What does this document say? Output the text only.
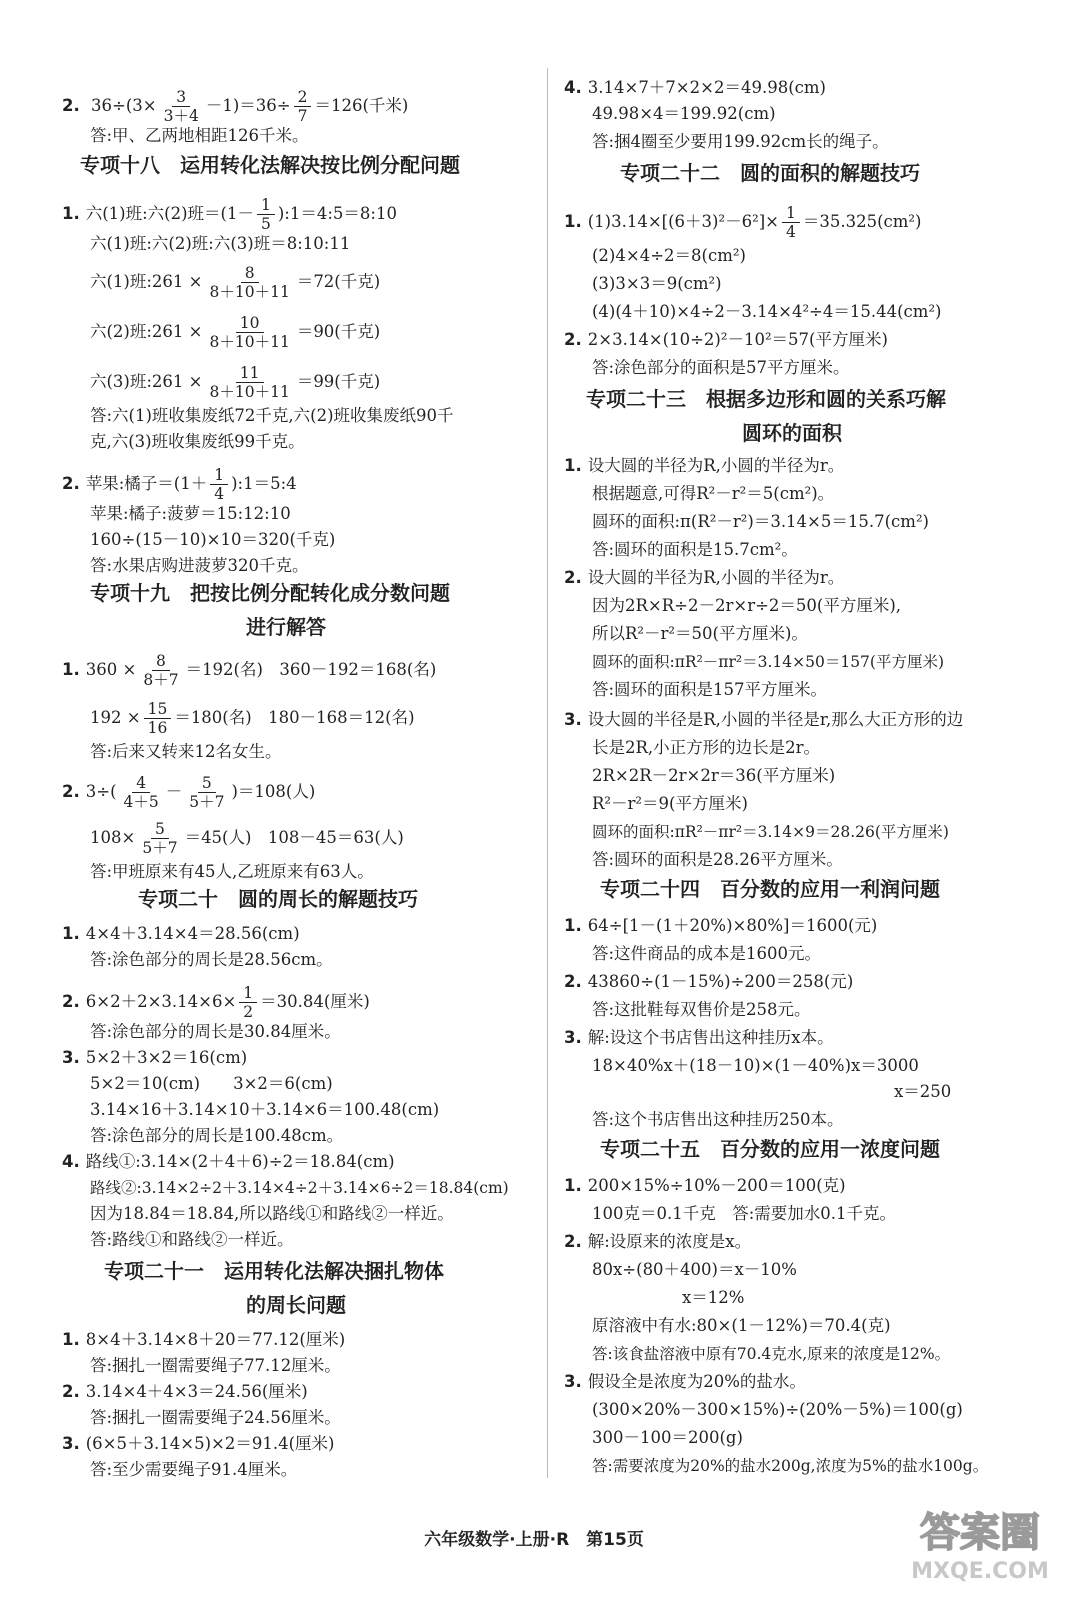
2. $36\div(3\times \frac{3}{3+4} -1)=36\div \frac{2}{7} =126$(千米)
答:甲、乙两地相距126千米。
专项十八　运用转化法解决按比例分配问题
1. 六(1)班:六(2)班$=(1- \frac{1}{5}$ ):1＝4:5＝8:10
六(1)班:六(2)班:六(3)班＝8:10:11
六(1)班:261 × $\frac{8}{8+10+11} =72$(千克)
六(2)班:261 × $\frac{10}{8+10+11} =90$(千克)
六(3)班:261 × $\frac{11}{8+10+11} =99$(千克)
答:六(1)班收集废纸72千克,六(2)班收集废纸90千
克,六(3)班收集废纸99千克。
2. 苹果:橘子$=(1+ \frac{1}{4}$ ):1＝5:4
苹果:橘子:菠萝＝15:12:10
160÷(15－10)×10＝320(千克)
答:水果店购进菠萝320千克。
专项十九　把按比例分配转化成分数问题
进行解答
1. $360 \times \frac{8}{8+7} =192$(名)　360－192＝168(名)
$192 \times \frac{15}{16} =180$(名)　180－168＝12(名)
答:后来又转来12名女生。
2. $3\div( \frac{4}{4+5} - \frac{5}{5+7} )=108$(人)
$108\times \frac{5}{5+7} =45$(人)　108－45＝63(人)
答:甲班原来有45人,乙班原来有63人。
专项二十　圆的周长的解题技巧
1. 4×4＋3.14×4＝28.56(cm)
答:涂色部分的周长是28.56cm。
2. $6\times 2+2\times 3.14\times 6\times \frac{1}{2} =30.84$(厘米)
答:涂色部分的周长是30.84厘米。
3. 5×2＋3×2＝16(cm)
5×2＝10(cm)　　3×2＝6(cm)
3.14×16＋3.14×10＋3.14×6＝100.48(cm)
答:涂色部分的周长是100.48cm。
4. 路线①:3.14×(2＋4＋6)÷2＝18.84(cm)
路线②:3.14×2÷2＋3.14×4÷2＋3.14×6÷2＝18.84(cm)
因为18.84＝18.84,所以路线①和路线②一样近。
答:路线①和路线②一样近。
专项二十一　运用转化法解决捆扎物体
的周长问题
1. 8×4＋3.14×8＋20＝77.12(厘米)
答:捆扎一圈需要绳子77.12厘米。
2. 3.14×4＋4×3＝24.56(厘米)
答:捆扎一圈需要绳子24.56厘米。
3. (6×5＋3.14×5)×2＝91.4(厘米)
答:至少需要绳子91.4厘米。
4. 3.14×7＋7×2×2＝49.98(cm)
49.98×4＝199.92(cm)
答:捆4圈至少要用199.92cm长的绳子。
专项二十二　圆的面积的解题技巧
1. $(1)3.14\times[(6+3)^2-6^2]\times \frac{1}{4} =35.325(cm^2)$
(2)4×4÷2＝8(cm²)
(3)3×3＝9(cm²)
(4)(4＋10)×4÷2－3.14×4²÷4＝15.44(cm²)
2. 2×3.14×(10÷2)²－10²＝57(平方厘米)
答:涂色部分的面积是57平方厘米。
专项二十三　根据多边形和圆的关系巧解
圆环的面积
1. 设大圆的半径为R,小圆的半径为r。
根据题意,可得R²－r²＝5(cm²)。
圆环的面积:π(R²－r²)＝3.14×5＝15.7(cm²)
答:圆环的面积是15.7cm²。
2. 设大圆的半径为R,小圆的半径为r。
因为2R×R÷2－2r×r÷2＝50(平方厘米),
所以R²－r²＝50(平方厘米)。
圆环的面积:πR²－πr²＝3.14×50＝157(平方厘米)
答:圆环的面积是157平方厘米。
3. 设大圆的半径是R,小圆的半径是r,那么大正方形的边
长是2R,小正方形的边长是2r。
2R×2R－2r×2r＝36(平方厘米)
R²－r²＝9(平方厘米)
圆环的面积:πR²－πr²＝3.14×9＝28.26(平方厘米)
答:圆环的面积是28.26平方厘米。
专项二十四　百分数的应用一利润问题
1. 64÷[1－(1＋20%)×80%]＝1600(元)
答:这件商品的成本是1600元。
2. 43860÷(1－15%)÷200＝258(元)
答:这批鞋每双售价是258元。
3. 解:设这个书店售出这种挂历x本。
18×40%x＋(18－10)×(1－40%)x＝3000
x＝250
答:这个书店售出这种挂历250本。
专项二十五　百分数的应用一浓度问题
1. 200×15%÷10%－200＝100(克)
100克＝0.1千克　答:需要加水0.1千克。
2. 解:设原来的浓度是x。
80x÷(80＋400)＝x－10%
x＝12%
原溶液中有水:80×(1－12%)＝70.4(克)
答:该食盐溶液中原有70.4克水,原来的浓度是12%。
3. 假设全是浓度为20%的盐水。
(300×20%－300×15%)÷(20%－5%)＝100(g)
300－100＝200(g)
答:需要浓度为20%的盐水200g,浓度为5%的盐水100g。
六年级数学·上册·R　第15页	答案圈
MXQE.COM
